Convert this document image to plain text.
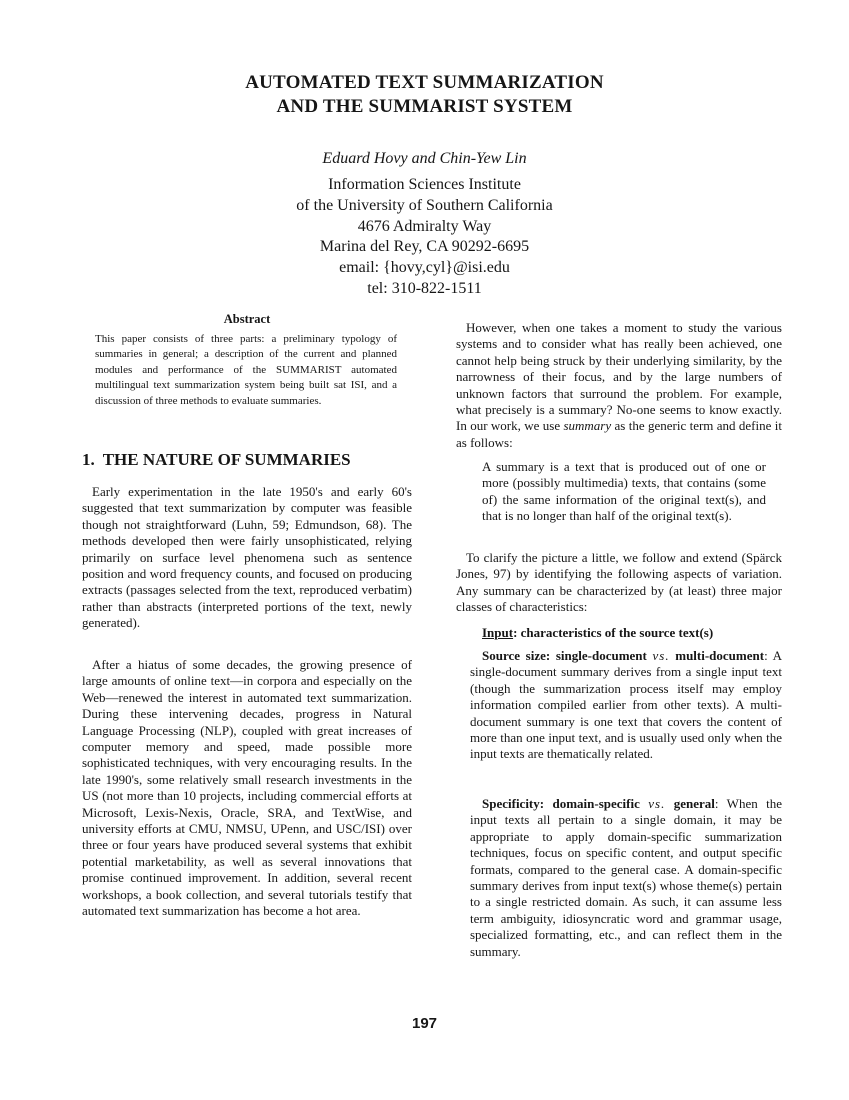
AUTOMATED TEXT SUMMARIZATION
AND THE SUMMARIST SYSTEM
Eduard Hovy and Chin-Yew Lin
Information Sciences Institute
of the University of Southern California
4676 Admiralty Way
Marina del Rey, CA 90292-6695
email: {hovy,cyl}@isi.edu
tel: 310-822-1511
Abstract
This paper consists of three parts: a preliminary typology of summaries in general; a description of the current and planned modules and performance of the SUMMARIST automated multilingual text summarization system being built sat ISI, and a discussion of three methods to evaluate summaries.
1. THE NATURE OF SUMMARIES

Early experimentation in the late 1950's and early 60's suggested that text summarization by computer was feasible though not straightforward (Luhn, 59; Edmundson, 68). The methods developed then were fairly unsophisticated, relying primarily on surface level phenomena such as sentence position and word frequency counts, and focused on producing extracts (passages selected from the text, reproduced verbatim) rather than abstracts (interpreted portions of the text, newly generated).

After a hiatus of some decades, the growing presence of large amounts of online text—in corpora and especially on the Web—renewed the interest in automated text summarization. During these intervening decades, progress in Natural Language Processing (NLP), coupled with great increases of computer memory and speed, made possible more sophisticated techniques, with very encouraging results. In the late 1990's, some relatively small research investments in the US (not more than 10 projects, including commercial efforts at Microsoft, Lexis-Nexis, Oracle, SRA, and TextWise, and university efforts at CMU, NMSU, UPenn, and USC/ISI) over three or four years have produced several systems that exhibit potential marketability, as well as several innovations that promise continued improvement. In addition, several recent workshops, a book collection, and several tutorials testify that automated text summarization has become a hot area.

However, when one takes a moment to study the various systems and to consider what has really been achieved, one cannot help being struck by their underlying similarity, by the narrowness of their focus, and by the large numbers of unknown factors that surround the problem. For example, what precisely is a summary? No-one seems to know exactly. In our work, we use summary as the generic term and define it as follows:

A summary is a text that is produced out of one or more (possibly multimedia) texts, that contains (some of) the same information of the original text(s), and that is no longer than half of the original text(s).

To clarify the picture a little, we follow and extend (Spärck Jones, 97) by identifying the following aspects of variation. Any summary can be characterized by (at least) three major classes of characteristics:

Input: characteristics of the source text(s)

Source size: single-document vs. multi-document: A single-document summary derives from a single input text (though the summarization process itself may employ information compiled earlier from other texts). A multi-document summary is one text that covers the content of more than one input text, and is usually used only when the input texts are thematically related.

Specificity: domain-specific vs. general: When the input texts all pertain to a single domain, it may be appropriate to apply domain-specific summarization techniques, focus on specific content, and output specific formats, compared to the general case. A domain-specific summary derives from input text(s) whose theme(s) pertain to a single restricted domain. As such, it can assume less term ambiguity, idiosyncratic word and grammar usage, specialized formatting, etc., and can reflect them in the summary.

197
